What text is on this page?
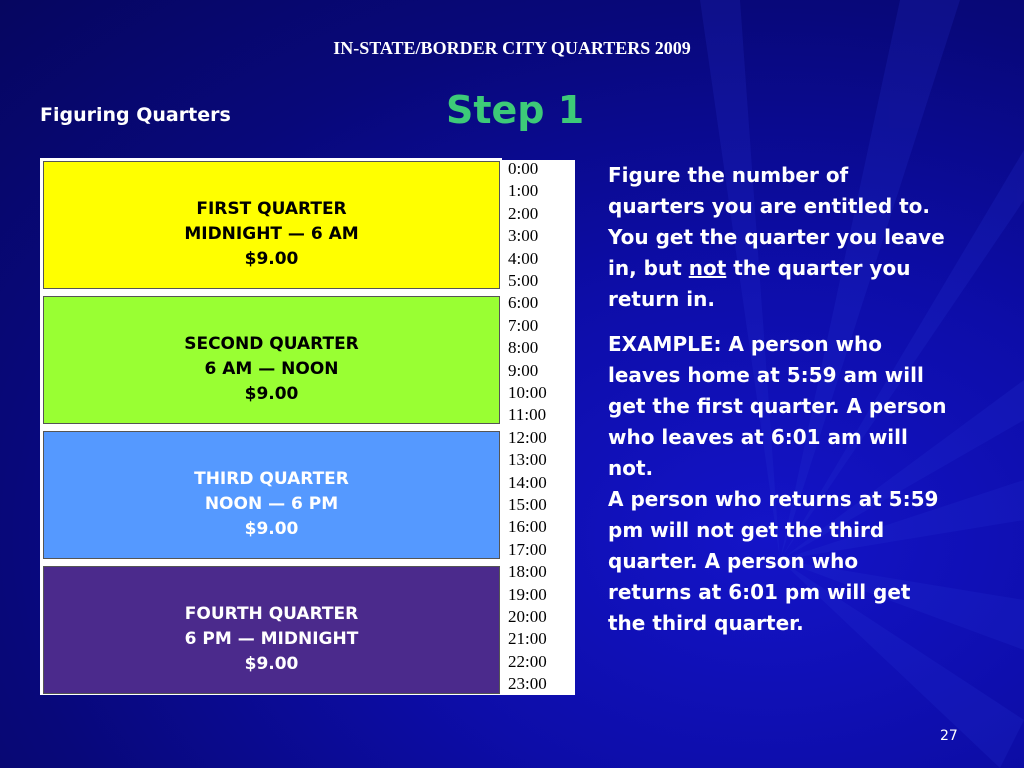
IN-STATE/BORDER CITY QUARTERS 2009
Figuring Quarters	Step 1
FIRST QUARTER
MIDNIGHT — 6 AM
$9.00
SECOND QUARTER
6 AM — NOON
$9.00
THIRD QUARTER
NOON — 6 PM
$9.00
FOURTH QUARTER
6 PM — MIDNIGHT
$9.00
0:00
1:00
2:00
3:00
4:00
5:00
6:00
7:00
8:00
9:00
10:00
11:00
12:00
13:00
14:00
15:00
16:00
17:00
18:00
19:00
20:00
21:00
22:00
23:00

Figure the number of quarters you are entitled to. You get the quarter you leave in, but not the quarter you return in.

EXAMPLE: A person who leaves home at 5:59 am will get the first quarter. A person who leaves at 6:01 am will not.
A person who returns at 5:59 pm will not get the third quarter. A person who returns at 6:01 pm will get the third quarter.

27
